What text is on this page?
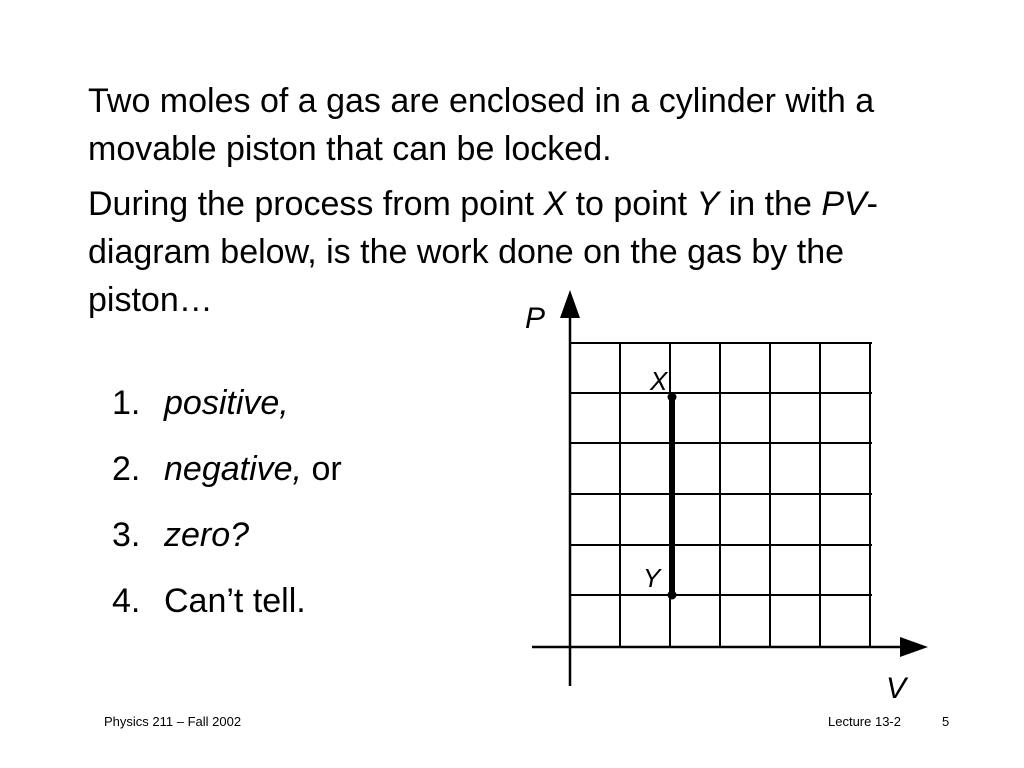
Two moles of a gas are enclosed in a cylinder with a movable piston that can be locked.

During the process from point X to point Y in the PV-diagram below, is the work done on the gas by the piston…

1. positive,
2. negative, or
3. zero?
4. Can’t tell.
P
V
X
Y
Physics 211 – Fall 2002	Lecture 13-2	5
